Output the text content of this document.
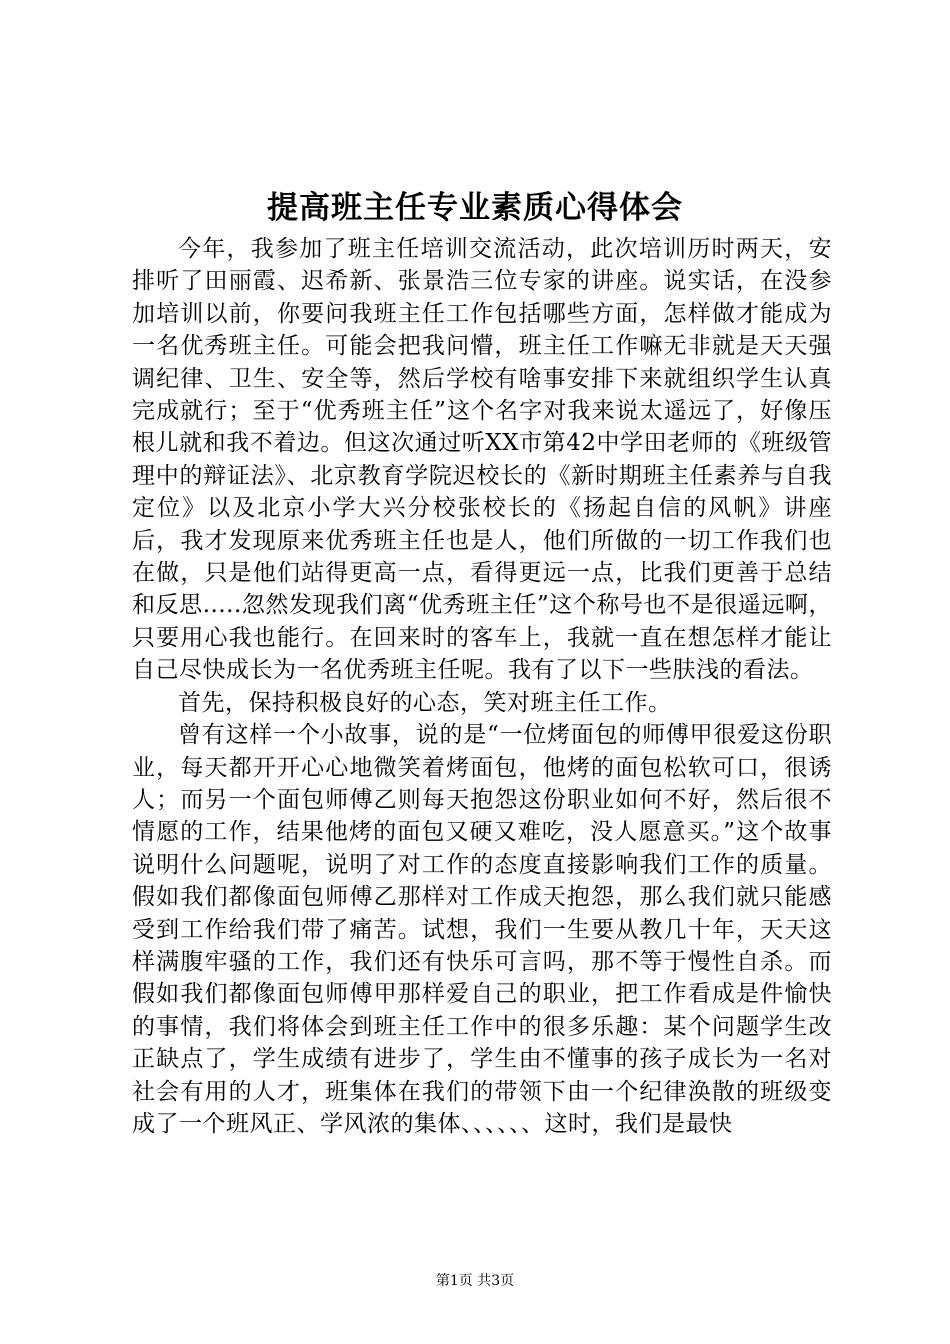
提高班主任专业素质心得体会

今年，我参加了班主任培训交流活动，此次培训历时两天，安排听了田丽霞、迟希新、张景浩三位专家的讲座。说实话，在没参加培训以前，你要问我班主任工作包括哪些方面，怎样做才能成为一名优秀班主任。可能会把我问懵，班主任工作嘛无非就是天天强调纪律、卫生、安全等，然后学校有啥事安排下来就组织学生认真完成就行；至于“优秀班主任”这个名字对我来说太遥远了，好像压根儿就和我不着边。但这次通过听XX市第42中学田老师的《班级管理中的辩证法》、北京教育学院迟校长的《新时期班主任素养与自我定位》以及北京小学大兴分校张校长的《扬起自信的风帆》讲座后，我才发现原来优秀班主任也是人，他们所做的一切工作我们也在做，只是他们站得更高一点，看得更远一点，比我们更善于总结和反思.....忽然发现我们离“优秀班主任”这个称号也不是很遥远啊，只要用心我也能行。在回来时的客车上，我就一直在想怎样才能让自己尽快成长为一名优秀班主任呢。我有了以下一些肤浅的看法。

首先，保持积极良好的心态，笑对班主任工作。

曾有这样一个小故事，说的是“一位烤面包的师傅甲很爱这份职业，每天都开开心心地微笑着烤面包，他烤的面包松软可口，很诱人；而另一个面包师傅乙则每天抱怨这份职业如何不好，然后很不情愿的工作，结果他烤的面包又硬又难吃，没人愿意买。”这个故事说明什么问题呢，说明了对工作的态度直接影响我们工作的质量。假如我们都像面包师傅乙那样对工作成天抱怨，那么我们就只能感受到工作给我们带了痛苦。试想，我们一生要从教几十年，天天这样满腹牢骚的工作，我们还有快乐可言吗，那不等于慢性自杀。而假如我们都像面包师傅甲那样爱自己的职业，把工作看成是件愉快的事情，我们将体会到班主任工作中的很多乐趣：某个问题学生改正缺点了，学生成绩有进步了，学生由不懂事的孩子成长为一名对社会有用的人才，班集体在我们的带领下由一个纪律涣散的班级变成了一个班风正、学风浓的集体、、、、、、这时，我们是最快

第1页 共3页
